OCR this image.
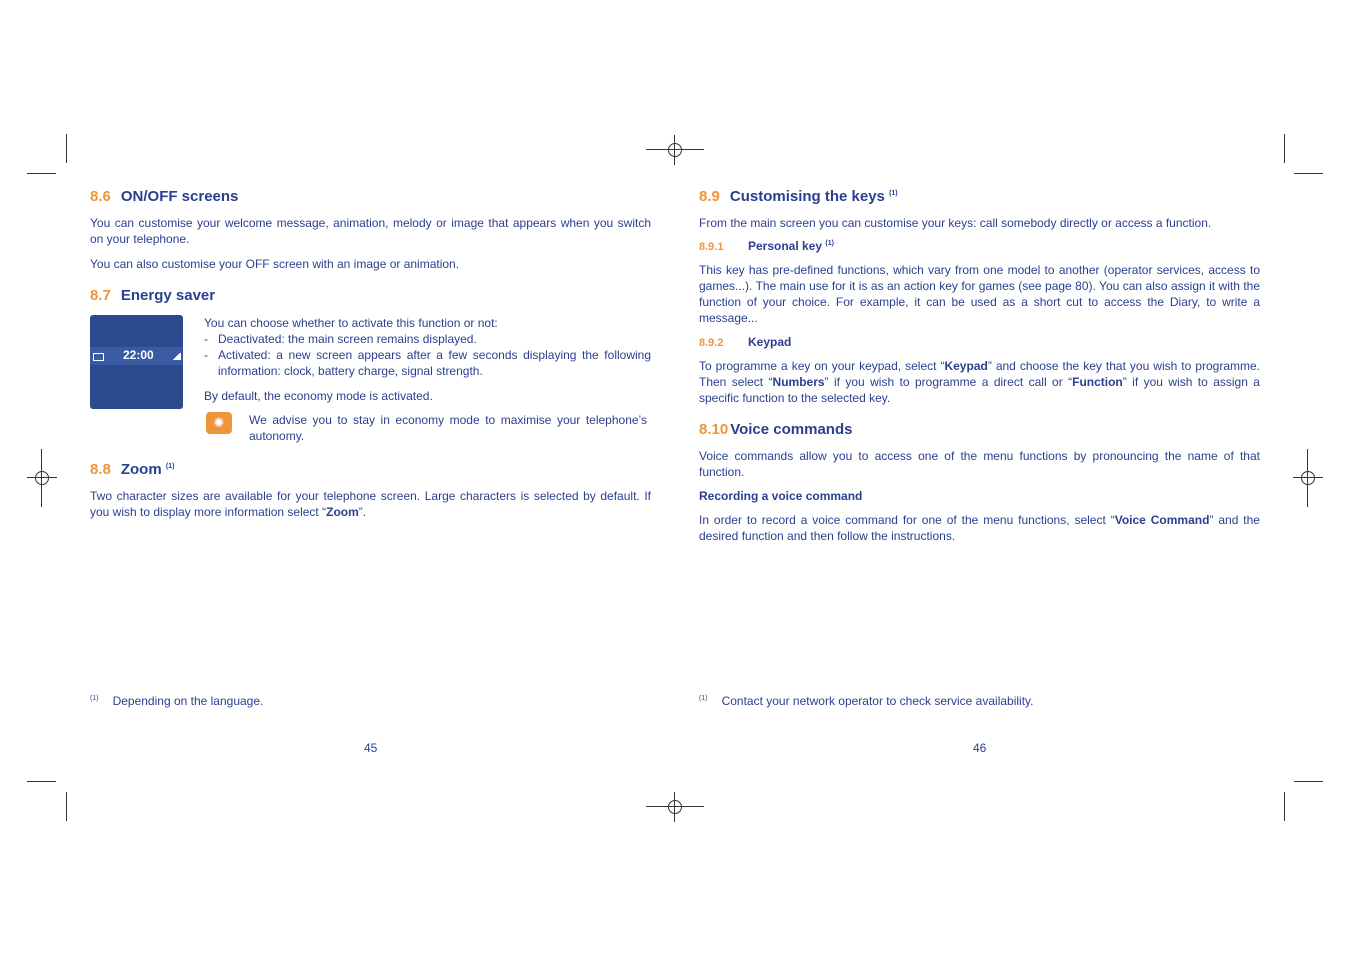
8.6 ON/OFF screens

You can customise your welcome message, animation, melody or image that appears when you switch on your telephone.

You can also customise your OFF screen with an image or animation.

8.7 Energy saver
22:00

You can choose whether to activate this function or not:

- Deactivated: the main screen remains displayed.
- Activated: a new screen appears after a few seconds displaying the following information: clock, battery charge, signal strength.

By default, the economy mode is activated.

✺	We advise you to stay in economy mode to maximise your telephone’s autonomy.

8.8 Zoom $^{(1)}$

Two character sizes are available for your telephone screen. Large characters is selected by default. If you wish to display more information select “Zoom”.

$^{(1)}$ Depending on the language.
45
8.9 Customising the keys $^{(1)}$

From the main screen you can customise your keys: call somebody directly or access a function.

8.9.1 Personal key $^{(1)}$

This key has pre-defined functions, which vary from one model to another (operator services, access to games...). The main use for it is as an action key for games (see page 80). You can also assign it with the function of your choice. For example, it can be used as a short cut to access the Diary, to write a message...

8.9.2 Keypad

To programme a key on your keypad, select “Keypad” and choose the key that you wish to programme. Then select “Numbers” if you wish to programme a direct call or “Function” if you wish to assign a specific function to the selected key.

8.10 Voice commands

Voice commands allow you to access one of the menu functions by pronouncing the name of that function.

Recording a voice command

In order to record a voice command for one of the menu functions, select “Voice Command” and the desired function and then follow the instructions.

$^{(1)}$ Contact your network operator to check service availability.
46
